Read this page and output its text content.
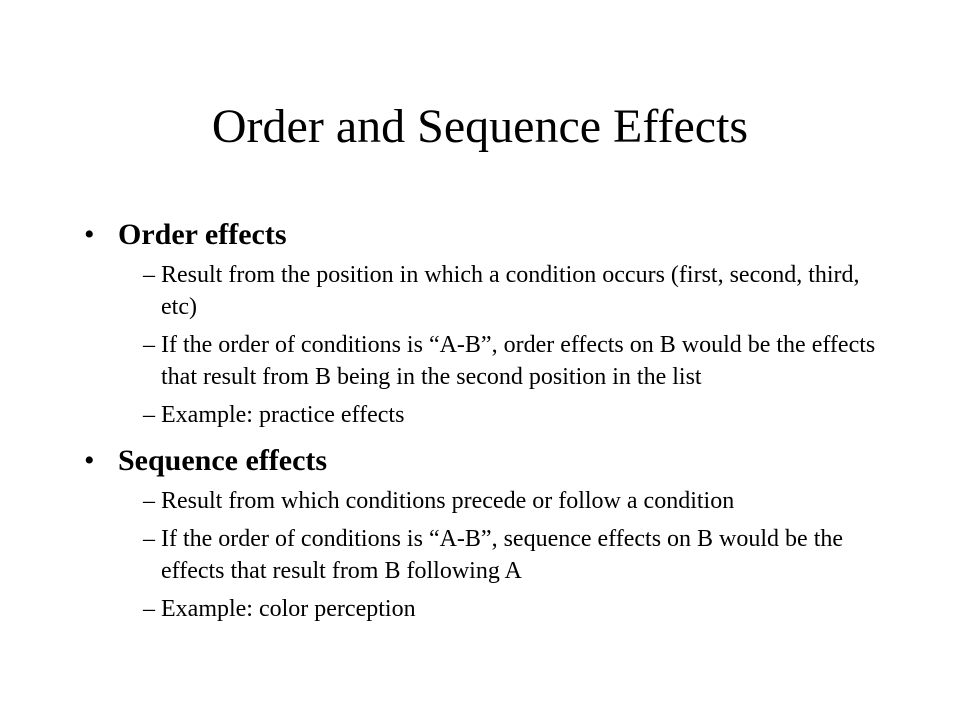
Order and Sequence Effects
• Order effects
– Result from the position in which a condition occurs (first, second, third, etc)
– If the order of conditions is “A-B”, order effects on B would be the effects that result from B being in the second position in the list
– Example: practice effects
• Sequence effects
– Result from which conditions precede or follow a condition
– If the order of conditions is “A-B”, sequence effects on B would be the effects that result from B following A
– Example: color perception
